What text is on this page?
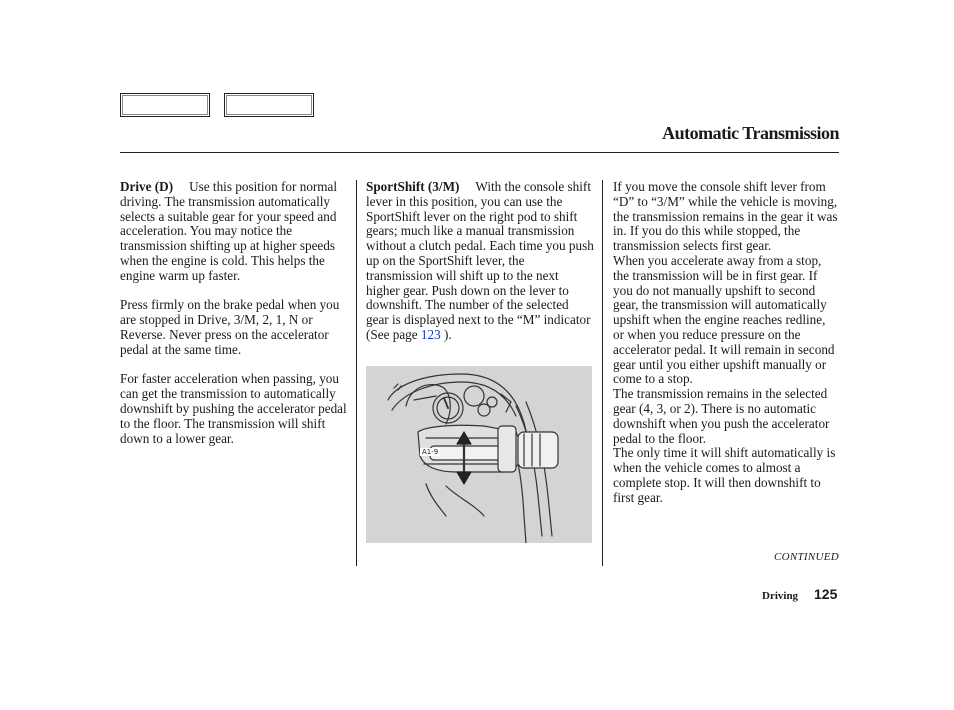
Automatic Transmission

Drive (D) Use this position for normal driving. The transmission automatically selects a suitable gear for your speed and acceleration. You may notice the transmission shifting up at higher speeds when the engine is cold. This helps the engine warm up faster.

Press firmly on the brake pedal when you are stopped in Drive, 3/M, 2, 1, N or Reverse. Never press on the accelerator pedal at the same time.

For faster acceleration when passing, you can get the transmission to automatically downshift by pushing the accelerator pedal to the floor. The transmission will shift down to a lower gear.

SportShift (3/M) With the console shift lever in this position, you can use the SportShift lever on the right pod to shift gears; much like a manual transmission without a clutch pedal. Each time you push up on the SportShift lever, the transmission will shift up to the next higher gear. Push down on the lever to downshift. The number of the selected gear is displayed next to the “M” indicator (See page 123 ).

A1-9

If you move the console shift lever from “D” to “3/M” while the vehicle is moving, the transmission remains in the gear it was in. If you do this while stopped, the transmission selects first gear.

When you accelerate away from a stop, the transmission will be in first gear. If you do not manually upshift to second gear, the transmission will automatically upshift when the engine reaches redline, or when you reduce pressure on the accelerator pedal. It will remain in second gear until you either upshift manually or come to a stop.

The transmission remains in the selected gear (4, 3, or 2). There is no automatic downshift when you push the accelerator pedal to the floor.

The only time it will shift automatically is when the vehicle comes to almost a complete stop. It will then downshift to first gear.

CONTINUED

Driving 125
